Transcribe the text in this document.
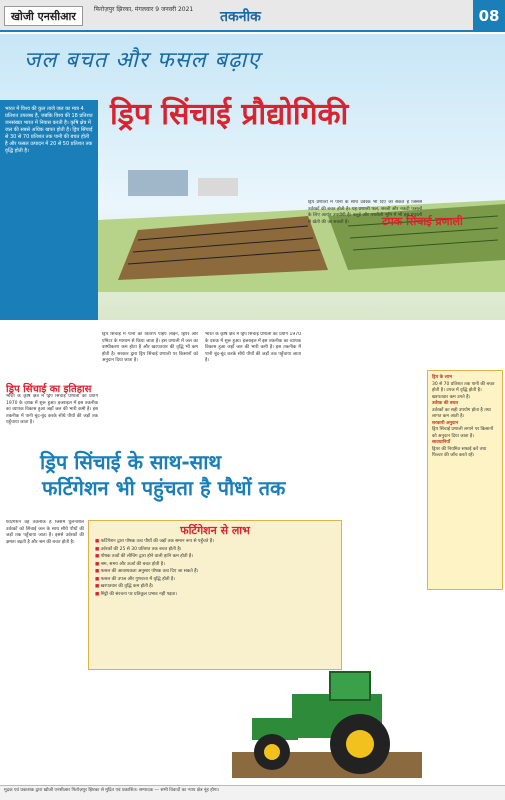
खोजी एनसीआर
फिरोज़पुर झिरका, मंगलवार 9 जनवरी 2021 तकनीक	08
जल बचत और फसल बढ़ाए
ड्रिप सिंचाई प्रौद्योगिकी

भारत में विश्व की कुल ताजे जल का मात्र 4 प्रतिशत उपलब्ध है, जबकि विश्व की 18 प्रतिशत जनसंख्या भारत में निवास करती है। कृषि क्षेत्र में जल की सबसे अधिक खपत होती है। ड्रिप सिंचाई से 30 से 70 प्रतिशत तक पानी की बचत होती है और फसल उत्पादन में 20 से 50 प्रतिशत तक वृद्धि होती है।

टपक सिंचाई प्रणाली

ड्रिप सिंचाई में पानी का वितरण पाइप लाइन, ड्रिपर और एमिटर के माध्यम से किया जाता है। इस प्रणाली में जल का वाष्पीकरण कम होता है और खरपतवार की वृद्धि भी कम होती है। सरकार द्वारा ड्रिप सिंचाई प्रणाली पर किसानों को अनुदान दिया जाता है।

भारत के कृषि क्षेत्र में ड्रिप सिंचाई प्रणाली का प्रयोग 1970 के दशक में शुरू हुआ। इजराइल में इस तकनीक का व्यापक विकास हुआ जहाँ जल की भारी कमी है। इस तकनीक में पानी बूंद-बूंद करके सीधे पौधों की जड़ों तक पहुँचाया जाता है।

ड्रिप प्रणाली में पानी के साथ उर्वरक भी दिए जा सकते हैं जिससे उर्वरकों की बचत होती है। यह प्रणाली फल, सब्जी और नकदी फसलों के लिए अत्यंत उपयोगी है। बलुई और पथरीली भूमि में भी इस प्रणाली से खेती की जा सकती है।

ड्रिप सिंचाई का इतिहास

भारत के कृषि क्षेत्र में ड्रिप सिंचाई प्रणाली का प्रयोग 1970 के दशक में शुरू हुआ। इजराइल में इस तकनीक का व्यापक विकास हुआ जहाँ जल की भारी कमी है। इस तकनीक में पानी बूंद-बूंद करके सीधे पौधों की जड़ों तक पहुँचाया जाता है।

ड्रिप सिंचाई के साथ-साथ
फर्टिगेशन भी पहुंचता है पौधों तक

फर्टिगेशन वह तकनीक है जिसमें घुलनशील उर्वरकों को सिंचाई जल के साथ सीधे पौधों की जड़ों तक पहुँचाया जाता है। इससे उर्वरकों की क्षमता बढ़ती है और श्रम की बचत होती है।

फर्टिगेशन से लाभ
■ फर्टिगेशन द्वारा पोषक तत्व पौधों की जड़ों तक समान रूप से पहुँचते हैं।
■ उर्वरकों की 25 से 30 प्रतिशत तक बचत होती है।
■ पोषक तत्वों की लीचिंग द्वारा होने वाली हानि कम होती है।
■ श्रम, समय और ऊर्जा की बचत होती है।
■ फसल की आवश्यकता अनुसार पोषक तत्व दिए जा सकते हैं।
■ फसल की उपज और गुणवत्ता में वृद्धि होती है।
■ खरपतवार की वृद्धि कम होती है।
■ मिट्टी की संरचना पर प्रतिकूल प्रभाव नहीं पड़ता।

ड्रिप के लाभ

30 से 70 प्रतिशत तक पानी की बचत होती है। उपज में वृद्धि होती है। खरपतवार कम उगते हैं।

उर्वरक की बचत

उर्वरकों का सही उपयोग होता है तथा लागत कम आती है।

सरकारी अनुदान

ड्रिप सिंचाई प्रणाली लगाने पर किसानों को अनुदान दिया जाता है।

सावधानियाँ

ड्रिपर की नियमित सफाई करें तथा फिल्टर की जाँच करते रहें।

मुद्रक एवं प्रकाशक द्वारा खोजी एनसीआर फिरोज़पुर झिरका से मुद्रित एवं प्रकाशित। सम्पादक — सभी विवादों का न्याय क्षेत्र नूंह होगा।
